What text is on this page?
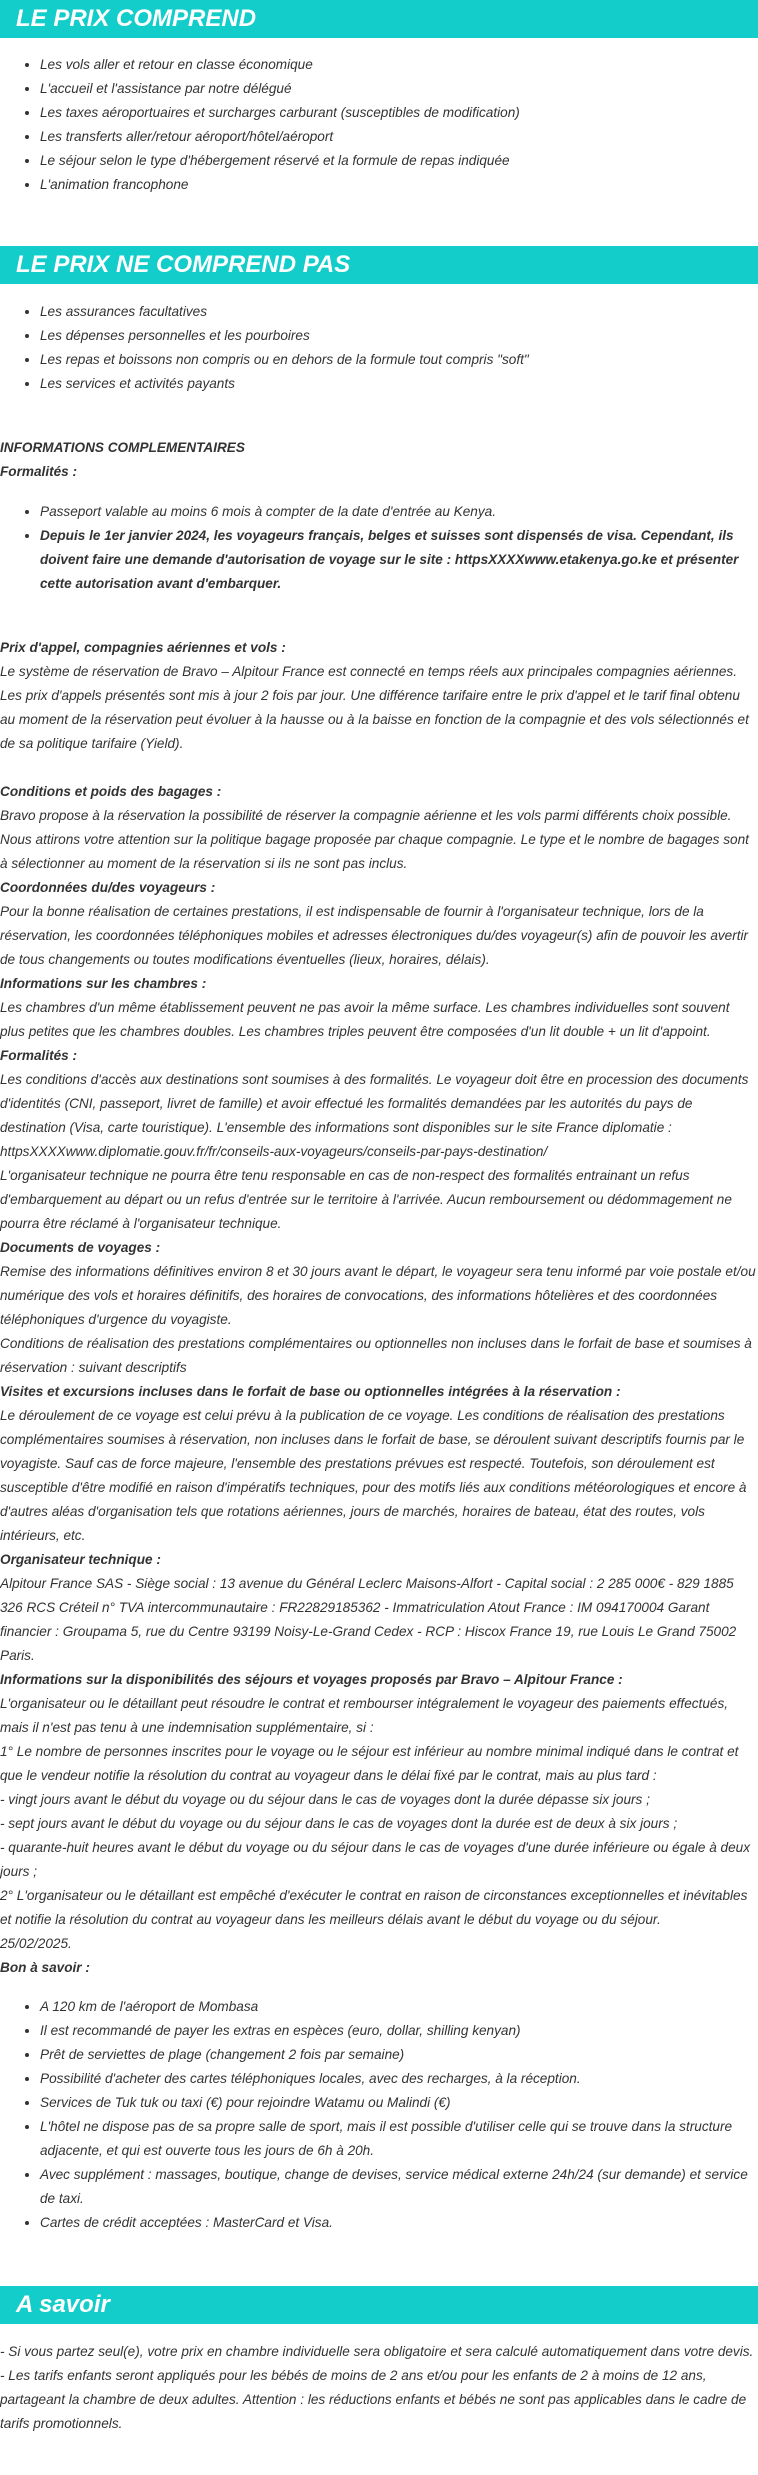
LE PRIX COMPREND
• Les vols aller et retour en classe économique
• L'accueil et l'assistance par notre délégué
• Les taxes aéroportuaires et surcharges carburant (susceptibles de modification)
• Les transferts aller/retour aéroport/hôtel/aéroport
• Le séjour selon le type d'hébergement réservé et la formule de repas indiquée
• L'animation francophone
LE PRIX NE COMPREND PAS
• Les assurances facultatives
• Les dépenses personnelles et les pourboires
• Les repas et boissons non compris ou en dehors de la formule tout compris "soft"
• Les services et activités payants

INFORMATIONS COMPLEMENTAIRES

Formalités :

• Passeport valable au moins 6 mois à compter de la date d'entrée au Kenya.
• Depuis le 1er janvier 2024, les voyageurs français, belges et suisses sont dispensés de visa. Cependant, ils doivent faire une demande d'autorisation de voyage sur le site : httpsXXXXwww.etakenya.go.ke et présenter cette autorisation avant d'embarquer.

Prix d'appel, compagnies aériennes et vols :

Le système de réservation de Bravo – Alpitour France est connecté en temps réels aux principales compagnies aériennes. Les prix d'appels présentés sont mis à jour 2 fois par jour. Une différence tarifaire entre le prix d'appel et le tarif final obtenu au moment de la réservation peut évoluer à la hausse ou à la baisse en fonction de la compagnie et des vols sélectionnés et de sa politique tarifaire (Yield).

Conditions et poids des bagages :

Bravo propose à la réservation la possibilité de réserver la compagnie aérienne et les vols parmi différents choix possible. Nous attirons votre attention sur la politique bagage proposée par chaque compagnie. Le type et le nombre de bagages sont à sélectionner au moment de la réservation si ils ne sont pas inclus.

Coordonnées du/des voyageurs :

Pour la bonne réalisation de certaines prestations, il est indispensable de fournir à l'organisateur technique, lors de la réservation, les coordonnées téléphoniques mobiles et adresses électroniques du/des voyageur(s) afin de pouvoir les avertir de tous changements ou toutes modifications éventuelles (lieux, horaires, délais).

Informations sur les chambres :

Les chambres d'un même établissement peuvent ne pas avoir la même surface. Les chambres individuelles sont souvent plus petites que les chambres doubles. Les chambres triples peuvent être composées d'un lit double + un lit d'appoint.

Formalités :

Les conditions d'accès aux destinations sont soumises à des formalités. Le voyageur doit être en procession des documents d'identités (CNI, passeport, livret de famille) et avoir effectué les formalités demandées par les autorités du pays de destination (Visa, carte touristique). L'ensemble des informations sont disponibles sur le site France diplomatie : httpsXXXXwww.diplomatie.gouv.fr/fr/conseils-aux-voyageurs/conseils-par-pays-destination/

L'organisateur technique ne pourra être tenu responsable en cas de non-respect des formalités entrainant un refus d'embarquement au départ ou un refus d'entrée sur le territoire à l'arrivée. Aucun remboursement ou dédommagement ne pourra être réclamé à l'organisateur technique.

Documents de voyages :

Remise des informations définitives environ 8 et 30 jours avant le départ, le voyageur sera tenu informé par voie postale et/ou numérique des vols et horaires définitifs, des horaires de convocations, des informations hôtelières et des coordonnées téléphoniques d'urgence du voyagiste.

Conditions de réalisation des prestations complémentaires ou optionnelles non incluses dans le forfait de base et soumises à réservation : suivant descriptifs

Visites et excursions incluses dans le forfait de base ou optionnelles intégrées à la réservation :

Le déroulement de ce voyage est celui prévu à la publication de ce voyage. Les conditions de réalisation des prestations complémentaires soumises à réservation, non incluses dans le forfait de base, se déroulent suivant descriptifs fournis par le voyagiste. Sauf cas de force majeure, l'ensemble des prestations prévues est respecté. Toutefois, son déroulement est susceptible d'être modifié en raison d'impératifs techniques, pour des motifs liés aux conditions météorologiques et encore à d'autres aléas d'organisation tels que rotations aériennes, jours de marchés, horaires de bateau, état des routes, vols intérieurs, etc.

Organisateur technique :

Alpitour France SAS - Siège social : 13 avenue du Général Leclerc Maisons-Alfort - Capital social : 2 285 000€ - 829 1885 326 RCS Créteil n° TVA intercommunautaire : FR22829185362 - Immatriculation Atout France : IM 094170004 Garant financier : Groupama 5, rue du Centre 93199 Noisy-Le-Grand Cedex - RCP : Hiscox France 19, rue Louis Le Grand 75002 Paris.

Informations sur la disponibilités des séjours et voyages proposés par Bravo – Alpitour France :

L'organisateur ou le détaillant peut résoudre le contrat et rembourser intégralement le voyageur des paiements effectués, mais il n'est pas tenu à une indemnisation supplémentaire, si :

1° Le nombre de personnes inscrites pour le voyage ou le séjour est inférieur au nombre minimal indiqué dans le contrat et que le vendeur notifie la résolution du contrat au voyageur dans le délai fixé par le contrat, mais au plus tard :

- vingt jours avant le début du voyage ou du séjour dans le cas de voyages dont la durée dépasse six jours ;

- sept jours avant le début du voyage ou du séjour dans le cas de voyages dont la durée est de deux à six jours ;

- quarante-huit heures avant le début du voyage ou du séjour dans le cas de voyages d'une durée inférieure ou égale à deux jours ;

2° L'organisateur ou le détaillant est empêché d'exécuter le contrat en raison de circonstances exceptionnelles et inévitables et notifie la résolution du contrat au voyageur dans les meilleurs délais avant le début du voyage ou du séjour.

25/02/2025.

Bon à savoir :

• A 120 km de l'aéroport de Mombasa
• Il est recommandé de payer les extras en espèces (euro, dollar, shilling kenyan)
• Prêt de serviettes de plage (changement 2 fois par semaine)
• Possibilité d'acheter des cartes téléphoniques locales, avec des recharges, à la réception.
• Services de Tuk tuk ou taxi (€) pour rejoindre Watamu ou Malindi (€)
• L'hôtel ne dispose pas de sa propre salle de sport, mais il est possible d'utiliser celle qui se trouve dans la structure adjacente, et qui est ouverte tous les jours de 6h à 20h.
• Avec supplément : massages, boutique, change de devises, service médical externe 24h/24 (sur demande) et service de taxi.
• Cartes de crédit acceptées : MasterCard et Visa.
A savoir

- Si vous partez seul(e), votre prix en chambre individuelle sera obligatoire et sera calculé automatiquement dans votre devis.

- Les tarifs enfants seront appliqués pour les bébés de moins de 2 ans et/ou pour les enfants de 2 à moins de 12 ans, partageant la chambre de deux adultes. Attention : les réductions enfants et bébés ne sont pas applicables dans le cadre de tarifs promotionnels.
